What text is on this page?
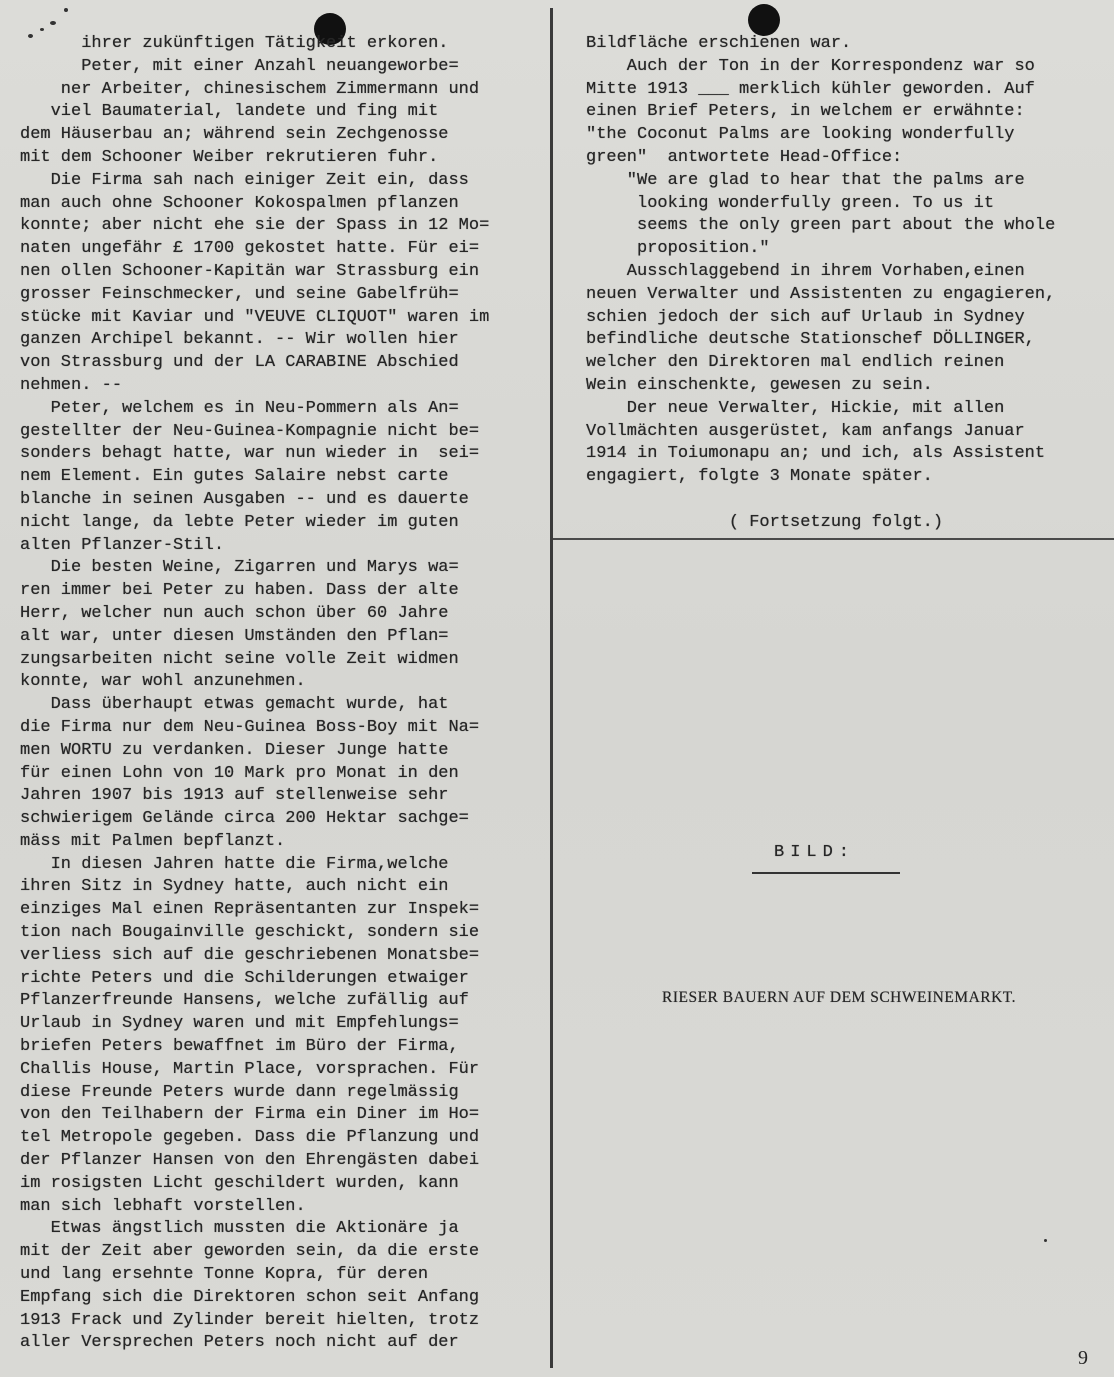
ihrer zukünftigen Tätigkeit erkoren.
Peter, mit einer Anzahl neuangeworbe=
ner Arbeiter, chinesischem Zimmermann und
viel Baumaterial, landete und fing mit
dem Häuserbau an; während sein Zechgenosse
mit dem Schooner Weiber rekrutieren fuhr.
Die Firma sah nach einiger Zeit ein, dass
man auch ohne Schooner Kokospalmen pflanzen
konnte; aber nicht ehe sie der Spass in 12 Mo=
naten ungefähr £ 1700 gekostet hatte. Für ei=
nen ollen Schooner-Kapitän war Strassburg ein
grosser Feinschmecker, und seine Gabelfrüh=
stücke mit Kaviar und "VEUVE CLIQUOT" waren im
ganzen Archipel bekannt. -- Wir wollen hier
von Strassburg und der LA CARABINE Abschied
nehmen. --
Peter, welchem es in Neu-Pommern als An=
gestellter der Neu-Guinea-Kompagnie nicht be=
sonders behagt hatte, war nun wieder in  sei=
nem Element. Ein gutes Salaire nebst carte
blanche in seinen Ausgaben -- und es dauerte
nicht lange, da lebte Peter wieder im guten
alten Pflanzer-Stil.
Die besten Weine, Zigarren und Marys wa=
ren immer bei Peter zu haben. Dass der alte
Herr, welcher nun auch schon über 60 Jahre
alt war, unter diesen Umständen den Pflan=
zungsarbeiten nicht seine volle Zeit widmen
konnte, war wohl anzunehmen.
Dass überhaupt etwas gemacht wurde, hat
die Firma nur dem Neu-Guinea Boss-Boy mit Na=
men WORTU zu verdanken. Dieser Junge hatte
für einen Lohn von 10 Mark pro Monat in den
Jahren 1907 bis 1913 auf stellenweise sehr
schwierigem Gelände circa 200 Hektar sachge=
mäss mit Palmen bepflanzt.
In diesen Jahren hatte die Firma,welche
ihren Sitz in Sydney hatte, auch nicht ein
einziges Mal einen Repräsentanten zur Inspek=
tion nach Bougainville geschickt, sondern sie
verliess sich auf die geschriebenen Monatsbe=
richte Peters und die Schilderungen etwaiger
Pflanzerfreunde Hansens, welche zufällig auf
Urlaub in Sydney waren und mit Empfehlungs=
briefen Peters bewaffnet im Büro der Firma,
Challis House, Martin Place, vorsprachen. Für
diese Freunde Peters wurde dann regelmässig
von den Teilhabern der Firma ein Diner im Ho=
tel Metropole gegeben. Dass die Pflanzung und
der Pflanzer Hansen von den Ehrengästen dabei
im rosigsten Licht geschildert wurden, kann
man sich lebhaft vorstellen.
Etwas ängstlich mussten die Aktionäre ja
mit der Zeit aber geworden sein, da die erste
und lang ersehnte Tonne Kopra, für deren
Empfang sich die Direktoren schon seit Anfang
1913 Frack und Zylinder bereit hielten, trotz
aller Versprechen Peters noch nicht auf der
Bildfläche erschienen war.
Auch der Ton in der Korrespondenz war so
Mitte 1913 ___ merklich kühler geworden. Auf
einen Brief Peters, in welchem er erwähnte:
"the Coconut Palms are looking wonderfully
green"  antwortete Head-Office:
"We are glad to hear that the palms are
looking wonderfully green. To us it
seems the only green part about the whole
proposition."
Ausschlaggebend in ihrem Vorhaben,einen
neuen Verwalter und Assistenten zu engagieren,
schien jedoch der sich auf Urlaub in Sydney
befindliche deutsche Stationschef DÖLLINGER,
welcher den Direktoren mal endlich reinen
Wein einschenkte, gewesen zu sein.
Der neue Verwalter, Hickie, mit allen
Vollmächten ausgerüstet, kam anfangs Januar
1914 in Toiumonapu an; und ich, als Assistent
engagiert, folgte 3 Monate später.
( Fortsetzung folgt.)
BILD:
RIESER BAUERN AUF DEM SCHWEINEMARKT.
9
